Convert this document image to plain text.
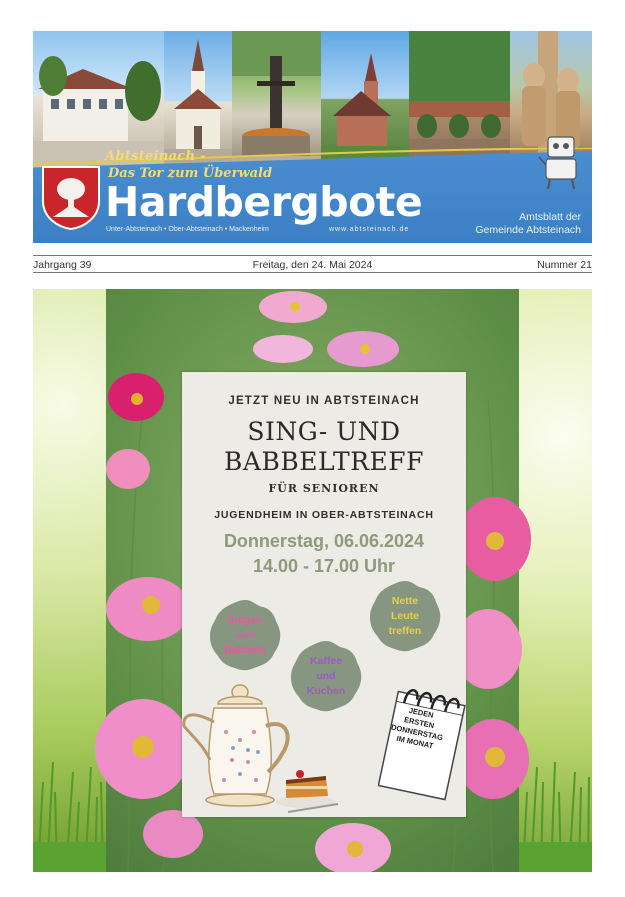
Abtsteinach -
Das Tor zum Überwald
Hardbergbote
Unter-Abtsteinach • Ober-Abtsteinach • Mackenheim	www.abtsteinach.de
Amtsblatt der
Gemeinde Abtsteinach
Jahrgang 39	Freitag, den 24. Mai 2024	Nummer 21
JETZT NEU IN ABTSTEINACH
SING- UND
BABBELTREFF
FÜR SENIOREN
JUGENDHEIM IN OBER-ABTSTEINACH
Donnerstag, 06.06.2024
14.00 - 17.00 Uhr
Singen
und
Babbeln
Kaffee
und
Kuchen
Nette
Leute
treffen
JEDEN
ERSTEN
DONNERSTAG
IM MONAT
